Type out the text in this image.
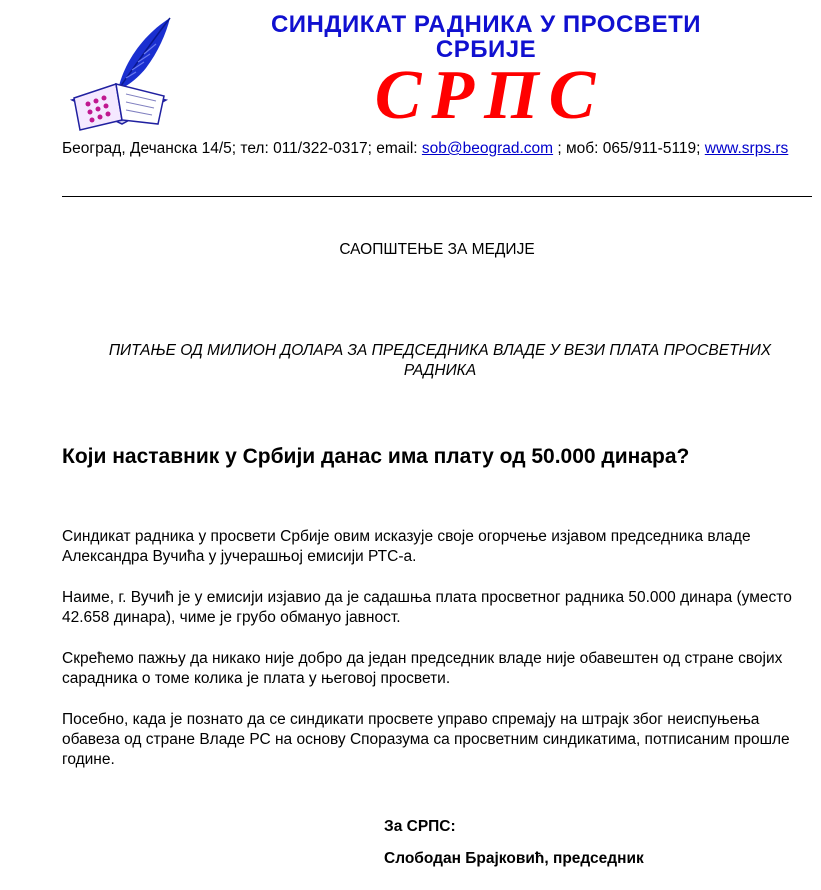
СИНДИКАТ РАДНИКА У ПРОСВЕТИ
СРБИЈЕ
СРПС
Београд, Дечанска 14/5; тел: 011/322-0317; email: sob@beograd.com ; моб: 065/911-5119; www.srps.rs
САОПШТЕЊЕ ЗА МЕДИЈЕ
ПИТАЊЕ ОД МИЛИОН ДОЛАРА ЗА ПРЕДСЕДНИКА ВЛАДЕ У ВЕЗИ ПЛАТА ПРОСВЕТНИХ РАДНИКА
Који наставник у Србији данас има плату од 50.000 динара?

Синдикат радника у просвети Србије овим исказује своје огорчење изјавом председника владе Александра Вучића у јучерашњој емисији РТС-а.

Наиме, г. Вучић је у емисији изјавио да је садашња плата просветног радника 50.000 динара (уместо 42.658 динара), чиме је грубо обмануо јавност.

Скрећемо пажњу да никако није добро да један председник владе није обавештен од стране својих сарадника о томе колика је плата у његовој просвети.

Посебно, када је познато да се синдикати просвете управо спремају на штрајк због неиспуњења обавеза од стране Владе РС на основу Споразума са просветним синдикатима, потписаним прошле године.

За СРПС:
Слободан Брајковић, председник
